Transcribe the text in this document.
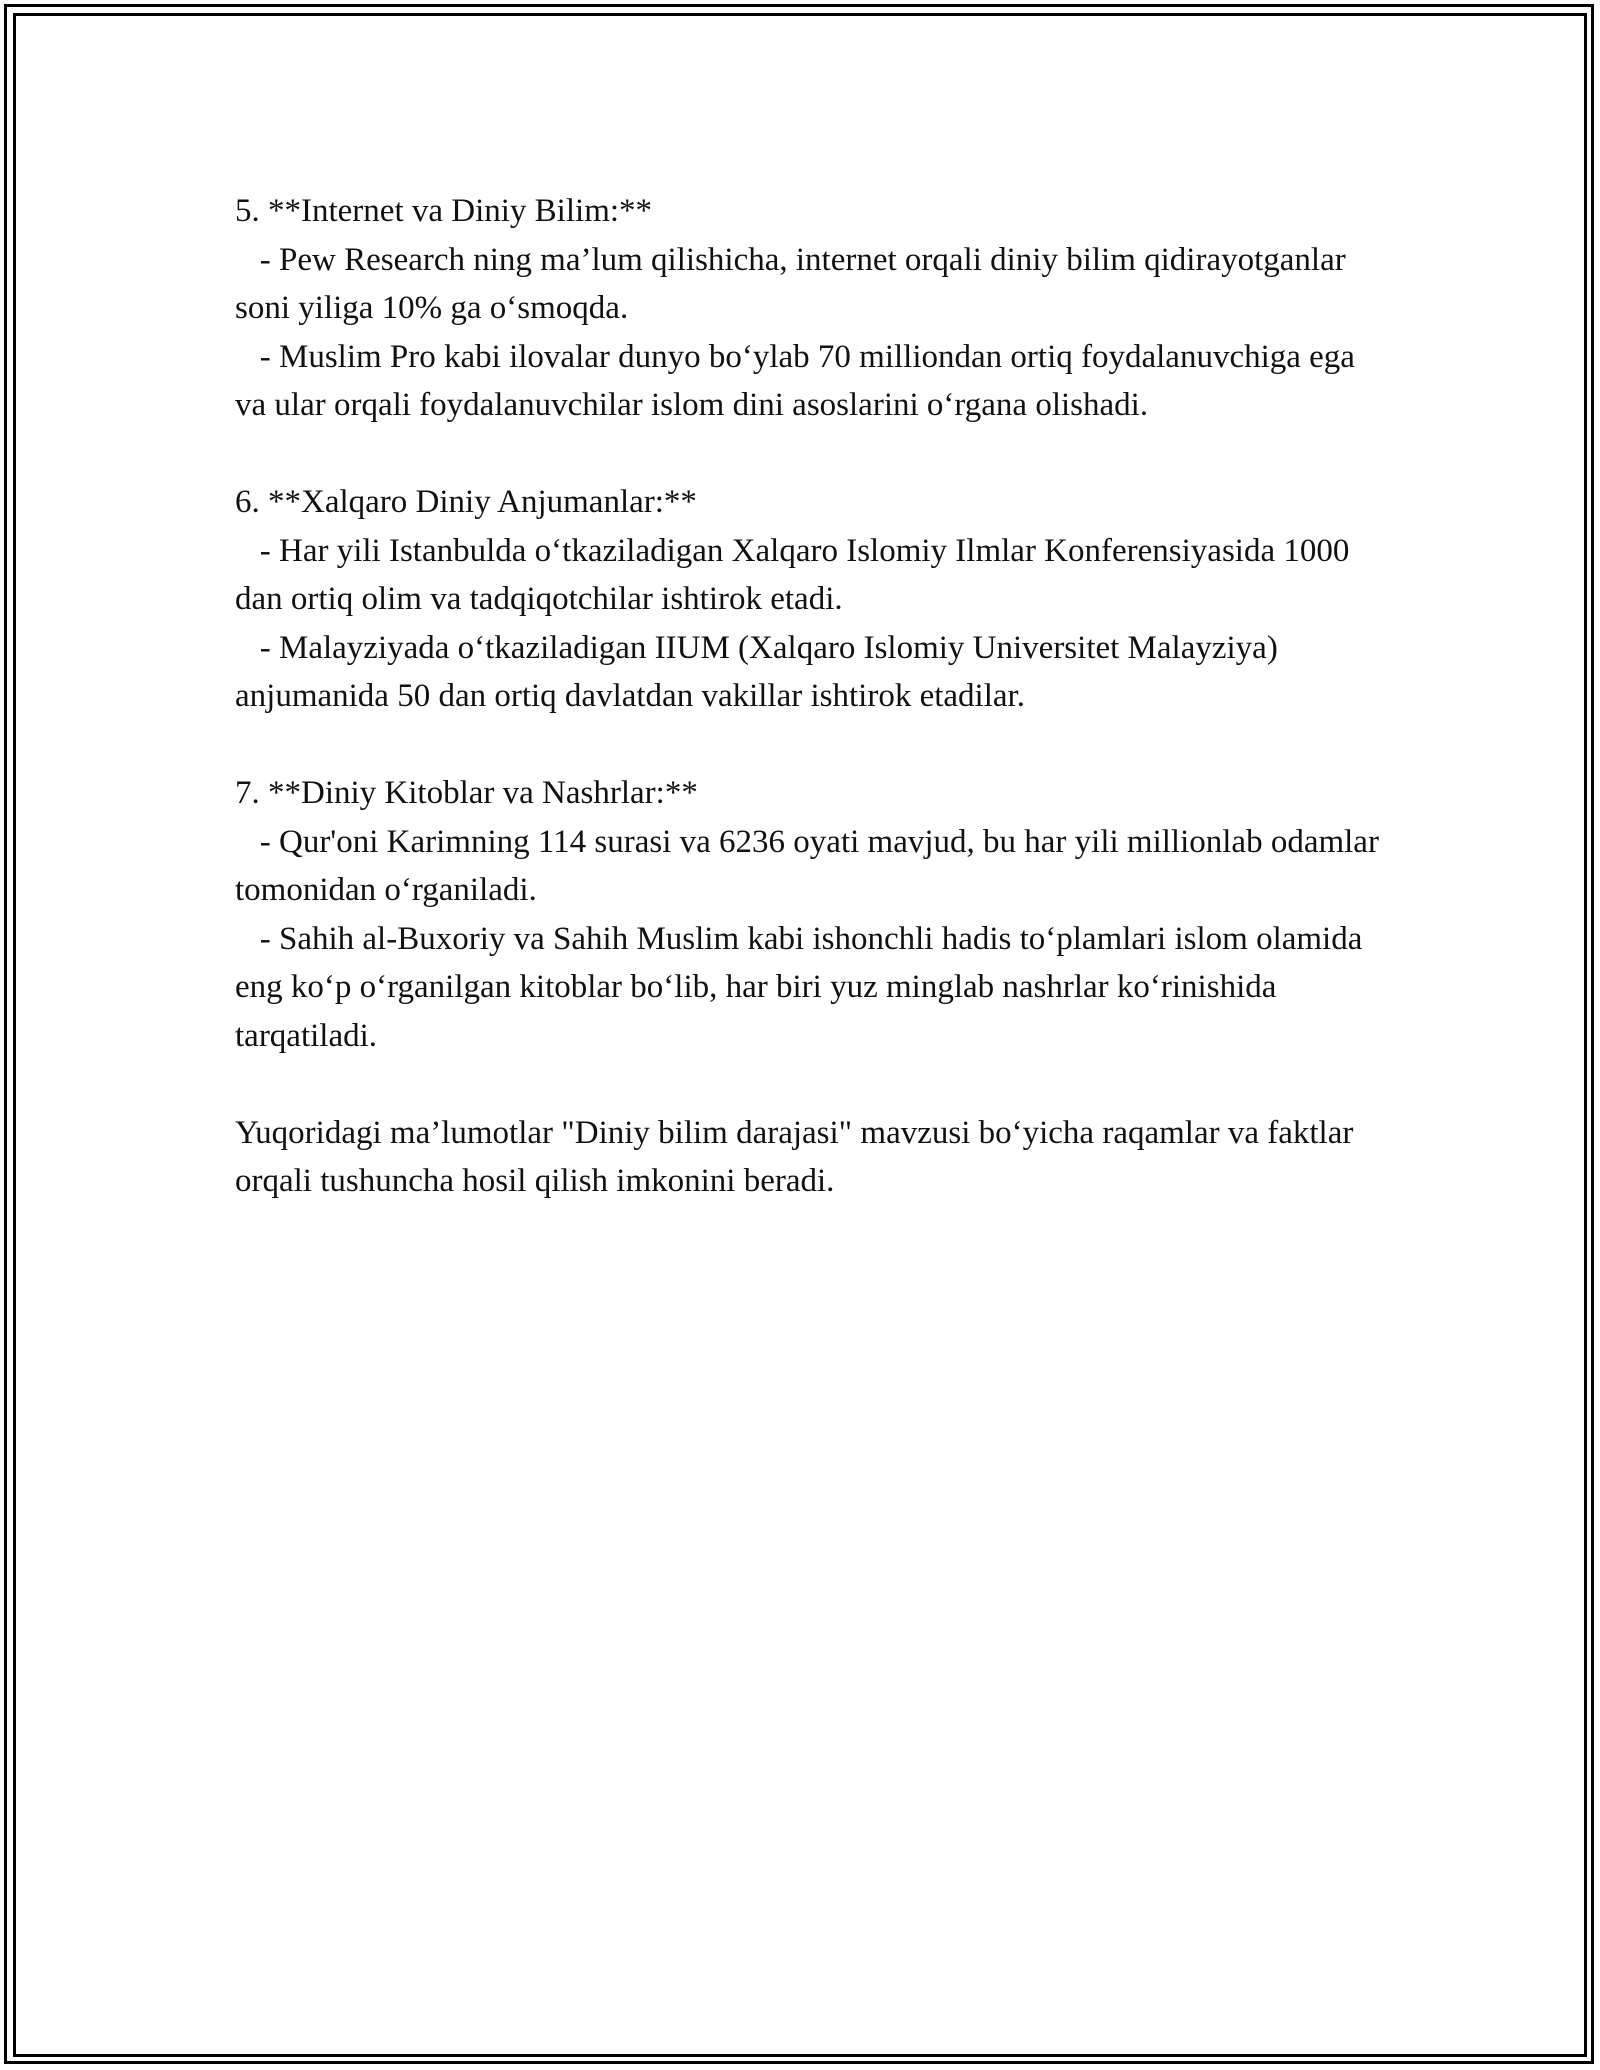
5. **Internet va Diniy Bilim:**

- Pew Research ning ma’lum qilishicha, internet orqali diniy bilim qidirayotganlar soni yiliga 10% ga o‘smoqda.

- Muslim Pro kabi ilovalar dunyo bo‘ylab 70 milliondan ortiq foydalanuvchiga ega va ular orqali foydalanuvchilar islom dini asoslarini o‘rgana olishadi.

6. **Xalqaro Diniy Anjumanlar:**

- Har yili Istanbulda o‘tkaziladigan Xalqaro Islomiy Ilmlar Konferensiyasida 1000 dan ortiq olim va tadqiqotchilar ishtirok etadi.

- Malayziyada o‘tkaziladigan IIUM (Xalqaro Islomiy Universitet Malayziya) anjumanida 50 dan ortiq davlatdan vakillar ishtirok etadilar.

7. **Diniy Kitoblar va Nashrlar:**

- Qur'oni Karimning 114 surasi va 6236 oyati mavjud, bu har yili millionlab odamlar tomonidan o‘rganiladi.

- Sahih al-Buxoriy va Sahih Muslim kabi ishonchli hadis to‘plamlari islom olamida eng ko‘p o‘rganilgan kitoblar bo‘lib, har biri yuz minglab nashrlar ko‘rinishida tarqatiladi.

Yuqoridagi ma’lumotlar "Diniy bilim darajasi" mavzusi bo‘yicha raqamlar va faktlar orqali tushuncha hosil qilish imkonini beradi.
